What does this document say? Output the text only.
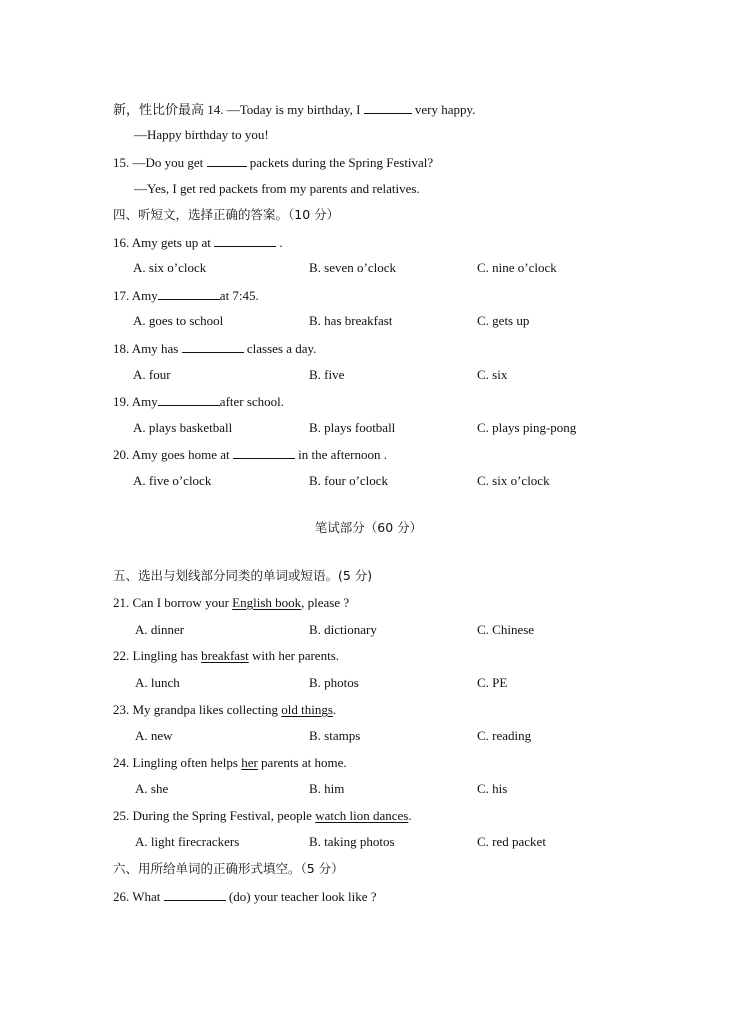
新，性比价最高 14. —Today is my birthday, I	very happy.
—Happy birthday to you!
15. —Do you get	packets during the Spring Festival?
—Yes, I get red packets from my parents and relatives.
四、听短文，选择正确的答案。（10 分）
16. Amy gets up at	.
A. six o’clock	B. seven o’clock	C. nine o’clock
17. Amy	at 7:45.
A. goes to school	B. has breakfast	C. gets up
18. Amy has	classes a day.
A. four	B. five	C. six
19. Amy	after school.
A. plays basketball	B. plays football	C. plays ping-pong
20. Amy goes home at	in the afternoon .
A. five o’clock	B. four o’clock	C. six o’clock
笔试部分（60 分）
五、选出与划线部分同类的单词或短语。(5 分)
21. Can I borrow your English book, please ?
A. dinner	B. dictionary	C. Chinese
22. Lingling has breakfast with her parents.
A. lunch	B. photos	C. PE
23. My grandpa likes collecting old things.
A. new	B. stamps	C. reading
24. Lingling often helps her parents at home.
A. she	B. him	C. his
25. During the Spring Festival, people watch lion dances.
A. light firecrackers	B. taking photos	C. red packet
六、用所给单词的正确形式填空。（5 分）
26. What	(do) your teacher look like ?
